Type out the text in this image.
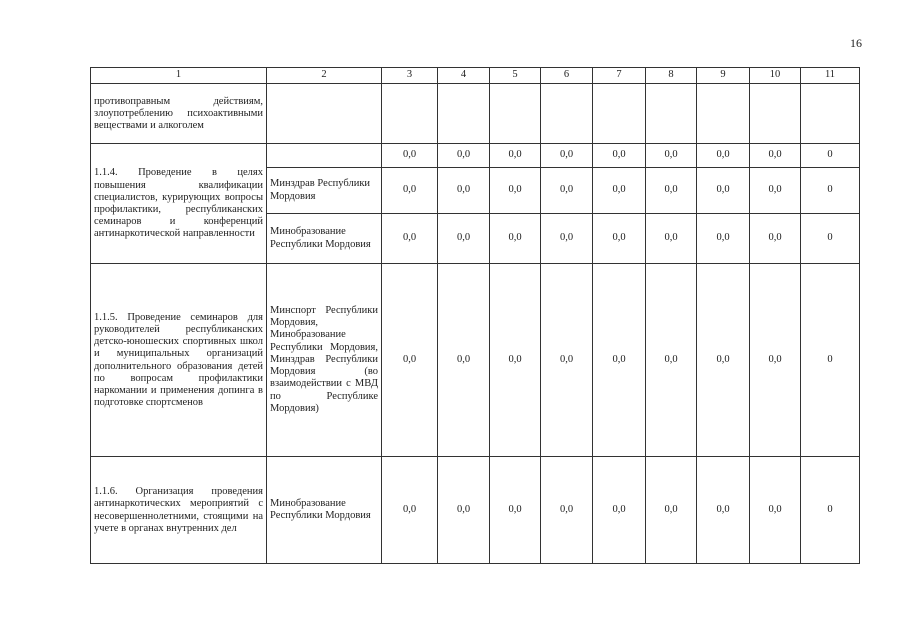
16
1	2	3	4	5	6	7	8	9	10	11
противоправным действиям, злоупотреблению психоактивными веществами и алкоголем										
1.1.4. Проведение в целях повышения квалификации специалистов, курирующих вопросы профилактики, республиканских семинаров и конференций антинаркотической направленности		0,0	0,0	0,0	0,0	0,0	0,0	0,0	0,0	0
	Минздрав Республики Мордовия	0,0	0,0	0,0	0,0	0,0	0,0	0,0	0,0	0
	Минобразование Республики Мордовия	0,0	0,0	0,0	0,0	0,0	0,0	0,0	0,0	0
1.1.5. Проведение семинаров для руководителей республиканских детско-юношеских спортивных школ и муниципальных организаций дополнительного образования детей по вопросам профилактики наркомании и применения допинга в подготовке спортсменов	Минспорт Республики Мордовия, Минобразование Республики Мордовия, Минздрав Республики Мордовия (во взаимодействии с МВД по Республике Мордовия)	0,0	0,0	0,0	0,0	0,0	0,0	0,0	0,0	0
1.1.6. Организация проведения антинаркотических мероприятий с несовершеннолетними, стоящими на учете в органах внутренних дел	Минобразование Республики Мордовия	0,0	0,0	0,0	0,0	0,0	0,0	0,0	0,0	0
